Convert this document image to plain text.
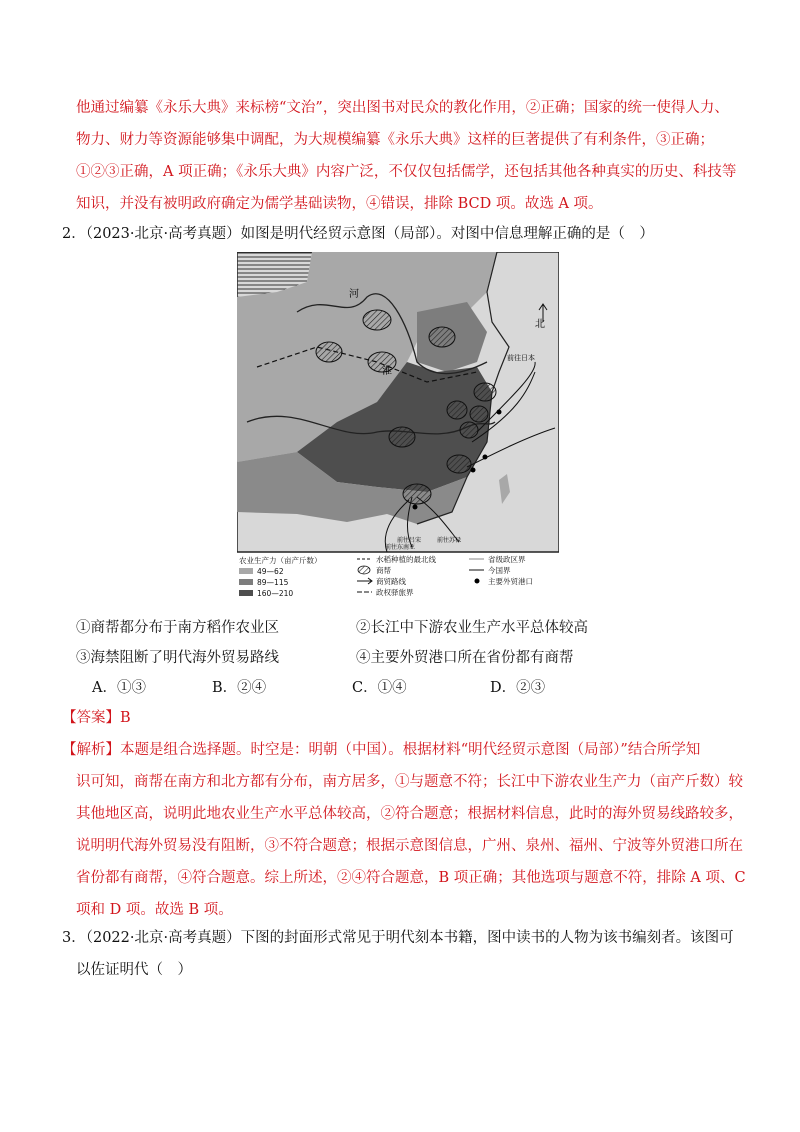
他通过编纂《永乐大典》来标榜“文治”，突出图书对民众的教化作用，②正确；国家的统一使得人力、
物力、财力等资源能够集中调配，为大规模编纂《永乐大典》这样的巨著提供了有利条件，③正确；
①②③正确，A 项正确；《永乐大典》内容广泛，不仅仅包括儒学，还包括其他各种真实的历史、科技等
知识，并没有被明政府确定为儒学基础读物，④错误，排除 BCD 项。故选 A 项。
2．（2023·北京·高考真题）如图是明代经贸示意图（局部）。对图中信息理解正确的是（　）
河
淮
北
前往日本
前往苏禄
前往东南亚
前往吕宋
农业生产力（亩产斤数）
49—62
89—115
160—210
水稻种植的最北线
商帮
商贸路线
政权驿旅界
省级政区界
今国界
主要外贸港口
①商帮都分布于南方稻作农业区	②长江中下游农业生产水平总体较高
③海禁阻断了明代海外贸易路线	④主要外贸港口所在省份都有商帮
A．①③	B．②④	C．①④	D．②③
【答案】B
【解析】本题是组合选择题。时空是：明朝（中国）。根据材料“明代经贸示意图（局部）”结合所学知
识可知，商帮在南方和北方都有分布，南方居多，①与题意不符；长江中下游农业生产力（亩产斤数）较
其他地区高，说明此地农业生产水平总体较高，②符合题意；根据材料信息，此时的海外贸易线路较多，
说明明代海外贸易没有阻断，③不符合题意；根据示意图信息，广州、泉州、福州、宁波等外贸港口所在
省份都有商帮，④符合题意。综上所述，②④符合题意，B 项正确；其他选项与题意不符，排除 A 项、C
项和 D 项。故选 B 项。
3．（2022·北京·高考真题）下图的封面形式常见于明代刻本书籍，图中读书的人物为该书编刻者。该图可
以佐证明代（　）
